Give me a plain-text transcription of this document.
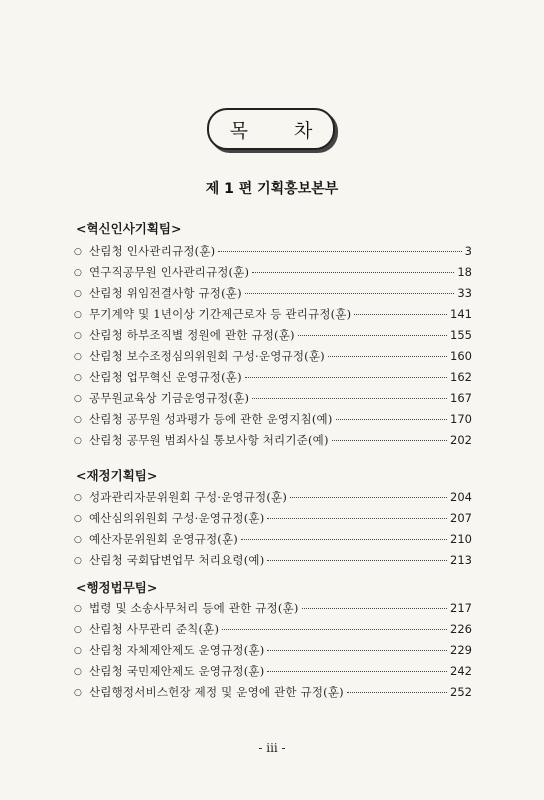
목 차
제 1 편 기획홍보본부
<혁신인사기획팀>
○ 산림청 인사관리규정(훈)	3
○ 연구직공무원 인사관리규정(훈)	18
○ 산림청 위임전결사항 규정(훈)	33
○ 무기계약 및 1년이상 기간제근로자 등 관리규정(훈)	141
○ 산림청 하부조직별 정원에 관한 규정(훈)	155
○ 산림청 보수조정심의위원회 구성·운영규정(훈)	160
○ 산림청 업무혁신 운영규정(훈)	162
○ 공무원교육상 기금운영규정(훈)	167
○ 산림청 공무원 성과평가 등에 관한 운영지침(예)	170
○ 산림청 공무원 범죄사실 통보사항 처리기준(예)	202
<재정기획팀>
○ 성과관리자문위원회 구성·운영규정(훈)	204
○ 예산심의위원회 구성·운영규정(훈)	207
○ 예산자문위원회 운영규정(훈)	210
○ 산림청 국회답변업무 처리요령(예)	213
<행정법무팀>
○ 법령 및 소송사무처리 등에 관한 규정(훈)	217
○ 산림청 사무관리 준칙(훈)	226
○ 산림청 자체제안제도 운영규정(훈)	229
○ 산림청 국민제안제도 운영규정(훈)	242
○ 산림행정서비스헌장 제정 및 운영에 관한 규정(훈)	252
- iii -
